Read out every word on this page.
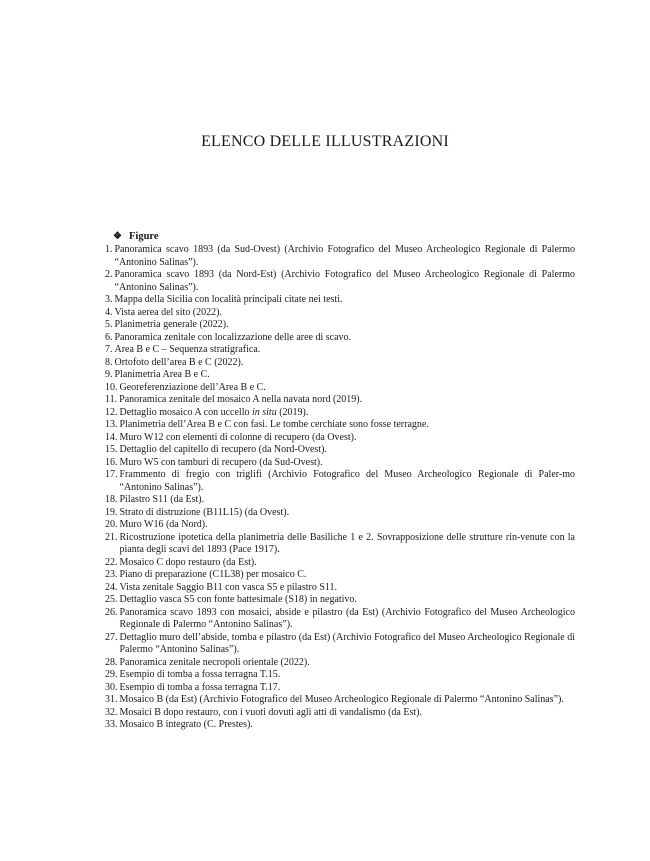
ELENCO DELLE ILLUSTRAZIONI
❖ Figure
1. Panoramica scavo 1893 (da Sud-Ovest) (Archivio Fotografico del Museo Archeologico Regionale di Palermo “Antonino Salinas”).
2. Panoramica scavo 1893 (da Nord-Est) (Archivio Fotografico del Museo Archeologico Regionale di Palermo “Antonino Salinas”).
3. Mappa della Sicilia con località principali citate nei testi.
4. Vista aerea del sito (2022).
5. Planimetria generale (2022).
6. Panoramica zenitale con localizzazione delle aree di scavo.
7. Area B e C – Sequenza stratigrafica.
8. Ortofoto dell’area B e C (2022).
9. Planimetria Area B e C.
10. Georeferenziazione dell’Area B e C.
11. Panoramica zenitale del mosaico A nella navata nord (2019).
12. Dettaglio mosaico A con uccello in situ (2019).
13. Planimetria dell’Area B e C con fasi. Le tombe cerchiate sono fosse terragne.
14. Muro W12 con elementi di colonne di recupero (da Ovest).
15. Dettaglio del capitello di recupero (da Nord-Ovest).
16. Muro W5 con tamburi di recupero (da Sud-Ovest).
17. Frammento di fregio con triglifi (Archivio Fotografico del Museo Archeologico Regionale di Paler-mo “Antonino Salinas”).
18. Pilastro S11 (da Est).
19. Strato di distruzione (B11L15) (da Ovest).
20. Muro W16 (da Nord).
21. Ricostruzione ipotetica della planimetria delle Basiliche 1 e 2. Sovrapposizione delle strutture rin-venute con la pianta degli scavi del 1893 (Pace 1917).
22. Mosaico C dopo restauro (da Est).
23. Piano di preparazione (C1L38) per mosaico C.
24. Vista zenitale Saggio B11 con vasca S5 e pilastro S11.
25. Dettaglio vasca S5 con fonte battesimale (S18) in negativo.
26. Panoramica scavo 1893 con mosaici, abside e pilastro (da Est) (Archivio Fotografico del Museo Archeologico Regionale di Palermo “Antonino Salinas”).
27. Dettaglio muro dell’abside, tomba e pilastro (da Est) (Archivio Fotografico del Museo Archeologico Regionale di Palermo “Antonino Salinas”).
28. Panoramica zenitale necropoli orientale (2022).
29. Esempio di tomba a fossa terragna T.15.
30. Esempio di tomba a fossa terragna T.17.
31. Mosaico B (da Est) (Archivio Fotografico del Museo Archeologico Regionale di Palermo “Antonino Salinas”).
32. Mosaici B dopo restauro, con i vuoti dovuti agli atti di vandalismo (da Est).
33. Mosaico B integrato (C. Prestes).
